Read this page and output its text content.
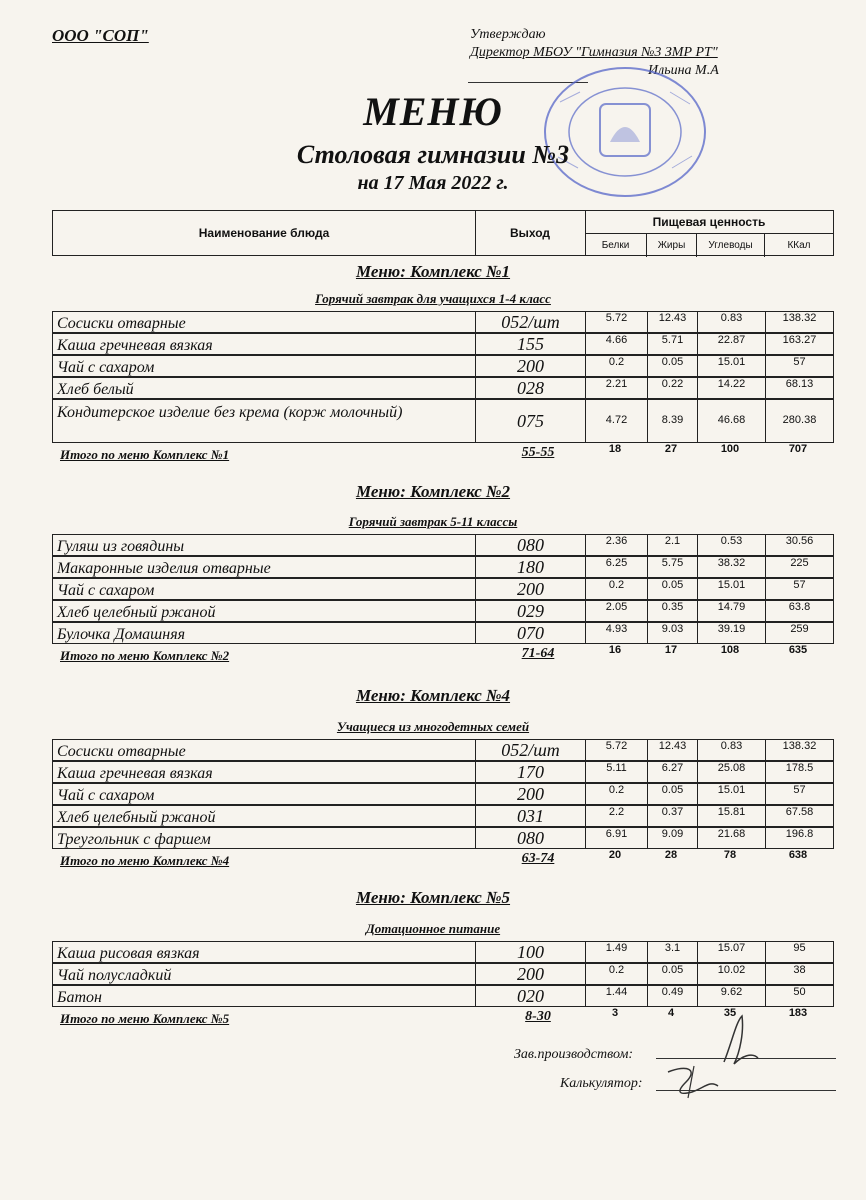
ООО "СОП"	Утверждаю
Директор МБОУ "Гимназия №3 ЗМР РТ"
Ильина М.А
МЕНЮ
Столовая гимназии №3
на 17 Мая 2022 г.
Наименование блюда	Выход
Пищевая ценность
Белки	Жиры	Углеводы	ККал
Меню: Комплекс №1
Горячий завтрак для учащихся 1-4 класс
Сосиски отварные	052/шт	5.72	12.43	0.83	138.32
Каша гречневая вязкая	155	4.66	5.71	22.87	163.27
Чай с сахаром	200	0.2	0.05	15.01	57
Хлеб белый	028	2.21	0.22	14.22	68.13
Кондитерское изделие без крема (корж молочный)	075	4.72	8.39	46.68	280.38
Итого по меню Комплекс №1	55-55	18	27	100	707
Меню: Комплекс №2
Горячий завтрак 5-11 классы
Гуляш из говядины	080	2.36	2.1	0.53	30.56
Макаронные изделия отварные	180	6.25	5.75	38.32	225
Чай с сахаром	200	0.2	0.05	15.01	57
Хлеб целебный ржаной	029	2.05	0.35	14.79	63.8
Булочка Домашняя	070	4.93	9.03	39.19	259
Итого по меню Комплекс №2	71-64	16	17	108	635
Меню: Комплекс №4
Учащиеся из многодетных семей
Сосиски отварные	052/шт	5.72	12.43	0.83	138.32
Каша гречневая вязкая	170	5.11	6.27	25.08	178.5
Чай с сахаром	200	0.2	0.05	15.01	57
Хлеб целебный ржаной	031	2.2	0.37	15.81	67.58
Треугольник с фаршем	080	6.91	9.09	21.68	196.8
Итого по меню Комплекс №4	63-74	20	28	78	638
Меню: Комплекс №5
Дотационное питание
Каша рисовая вязкая	100	1.49	3.1	15.07	95
Чай полусладкий	200	0.2	0.05	10.02	38
Батон	020	1.44	0.49	9.62	50
Итого по меню Комплекс №5	8-30	3	4	35	183
Зав.производством:
Калькулятор:
